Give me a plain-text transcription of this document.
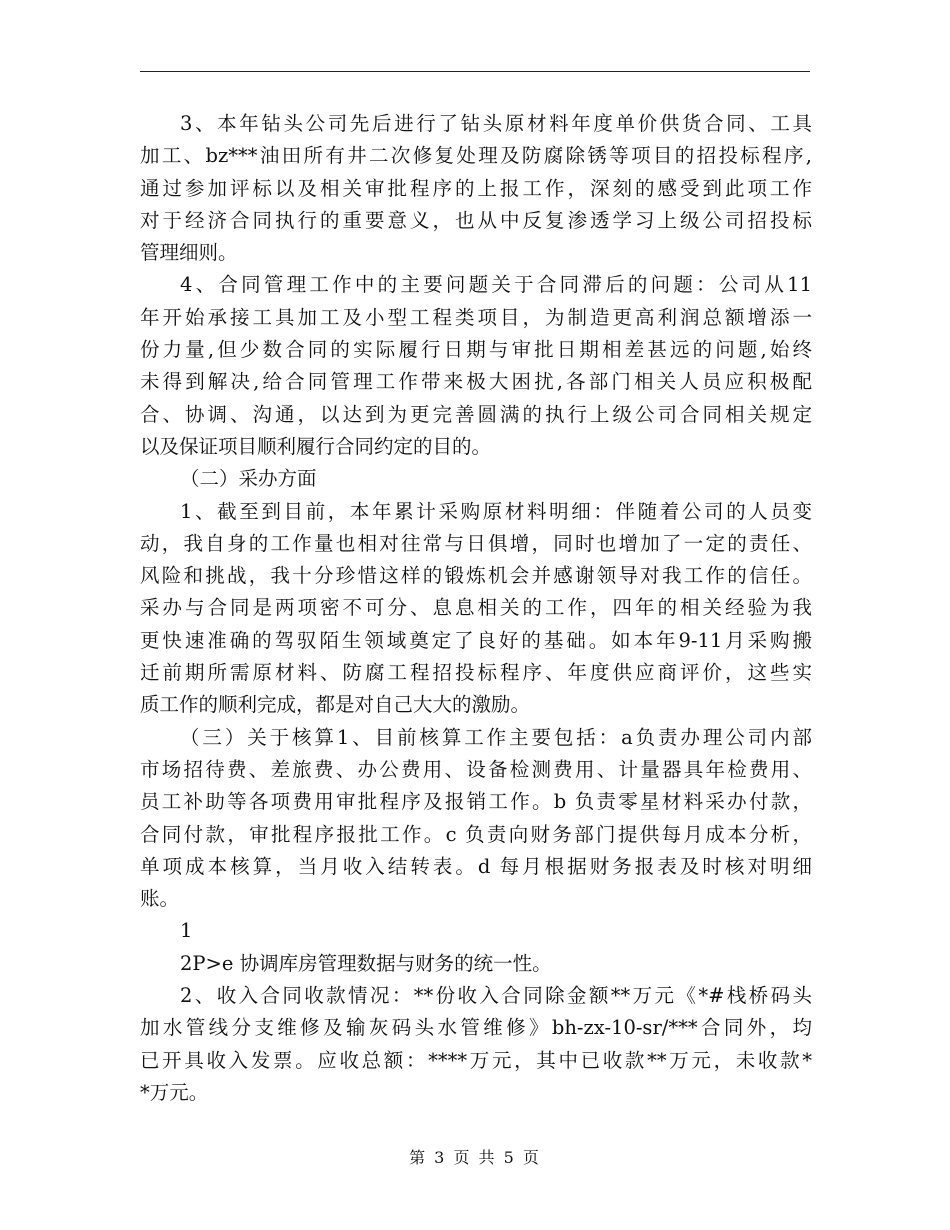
3、本年钻头公司先后进行了钻头原材料年度单价供货合同、工具
加工、bz***油田所有井二次修复处理及防腐除锈等项目的招投标程序,
通过参加评标以及相关审批程序的上报工作，深刻的感受到此项工作
对于经济合同执行的重要意义，也从中反复渗透学习上级公司招投标
管理细则。

4、合同管理工作中的主要问题关于合同滞后的问题：公司从11
年开始承接工具加工及小型工程类项目，为制造更高利润总额增添一
份力量,但少数合同的实际履行日期与审批日期相差甚远的问题,始终
未得到解决,给合同管理工作带来极大困扰,各部门相关人员应积极配
合、协调、沟通，以达到为更完善圆满的执行上级公司合同相关规定
以及保证项目顺利履行合同约定的目的。

（二）采办方面

1、截至到目前，本年累计采购原材料明细：伴随着公司的人员变
动，我自身的工作量也相对往常与日俱增，同时也增加了一定的责任、
风险和挑战，我十分珍惜这样的锻炼机会并感谢领导对我工作的信任。
采办与合同是两项密不可分、息息相关的工作，四年的相关经验为我
更快速准确的驾驭陌生领域奠定了良好的基础。如本年9-11月采购搬
迁前期所需原材料、防腐工程招投标程序、年度供应商评价，这些实
质工作的顺利完成，都是对自己大大的激励。

（三）关于核算1、目前核算工作主要包括：a负责办理公司内部
市场招待费、差旅费、办公费用、设备检测费用、计量器具年检费用、
员工补助等各项费用审批程序及报销工作。b 负责零星材料采办付款，
合同付款，审批程序报批工作。c 负责向财务部门提供每月成本分析，
单项成本核算，当月收入结转表。d 每月根据财务报表及时核对明细
账。

1

2P>e 协调库房管理数据与财务的统一性。

2、收入合同收款情况：**份收入合同除金额**万元《*#栈桥码头
加水管线分支维修及输灰码头水管维修》bh-zx-10-sr/***合同外，均
已开具收入发票。应收总额：****万元，其中已收款**万元，未收款*
*万元。

第 3 页 共 5 页
